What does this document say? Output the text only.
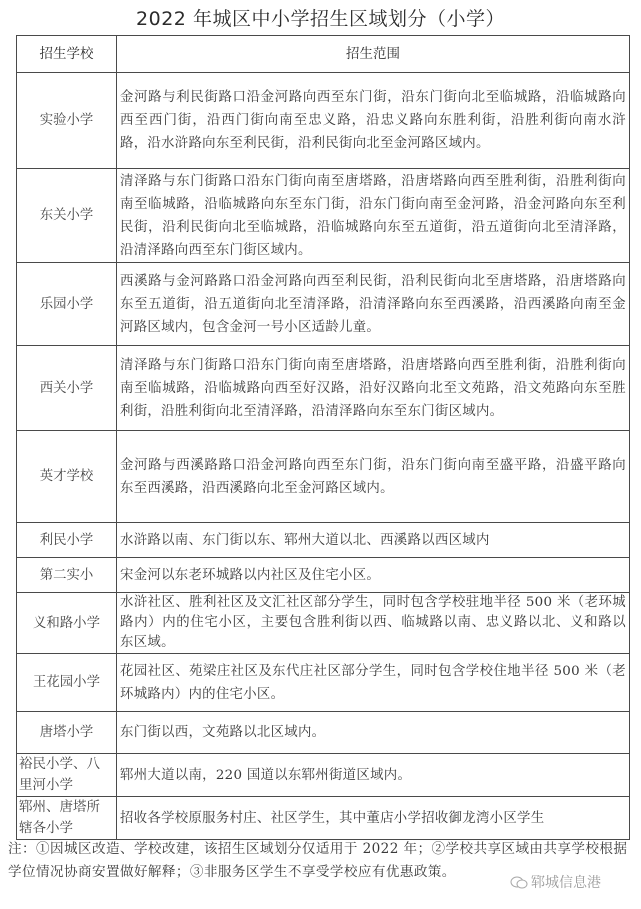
2022 年城区中小学招生区域划分（小学）
招生学校	招生范围
实验小学	金河路与利民街路口沿金河路向西至东门街，沿东门街向北至临城路，沿临城路向西至西门街，沿西门街向南至忠义路，沿忠义路向东胜利街，沿胜利街向南水浒路，沿水浒路向东至利民街，沿利民街向北至金河路区域内。
东关小学	清泽路与东门街路口沿东门街向南至唐塔路，沿唐塔路向西至胜利街，沿胜利街向南至临城路，沿临城路向东至东门街，沿东门街向南至金河路，沿金河路向东至利民街，沿利民街向北至临城路，沿临城路向东至五道街，沿五道街向北至清泽路，沿清泽路向西至东门街区域内。
乐园小学	西溪路与金河路路口沿金河路向西至利民街，沿利民街向北至唐塔路，沿唐塔路向东至五道街，沿五道街向北至清泽路，沿清泽路向东至西溪路，沿西溪路向南至金河路区域内，包含金河一号小区适龄儿童。
西关小学	清泽路与东门街路口沿东门街向南至唐塔路，沿唐塔路向西至胜利街，沿胜利街向南至临城路，沿临城路向西至好汉路，沿好汉路向北至文苑路，沿文苑路向东至胜利街，沿胜利街向北至清泽路，沿清泽路向东至东门街区域内。
英才学校	金河路与西溪路路口沿金河路向西至东门街，沿东门街向南至盛平路，沿盛平路向东至西溪路，沿西溪路向北至金河路区域内。
利民小学	水浒路以南、东门街以东、郓州大道以北、西溪路以西区域内
第二实小	宋金河以东老环城路以内社区及住宅小区。
义和路小学	水浒社区、胜利社区及文汇社区部分学生，同时包含学校驻地半径 500 米（老环城路内）内的住宅小区，主要包含胜利街以西、临城路以南、忠义路以北、义和路以东区域。
王花园小学	花园社区、苑梁庄社区及东代庄社区部分学生，同时包含学校住地半径 500 米（老环城路内）内的住宅小区。
唐塔小学	东门街以西，文苑路以北区域内。
裕民小学、八里河小学	郓州大道以南，220 国道以东郓州街道区域内。
郓州、唐塔所辖各小学	招收各学校原服务村庄、社区学生，其中董店小学招收御龙湾小区学生
注：①因城区改造、学校改建，该招生区域划分仅适用于 2022 年；②学校共享区域由共享学校根据学位情况协商安置做好解释；③非服务区学生不享受学校应有优惠政策。
郓城信息港
